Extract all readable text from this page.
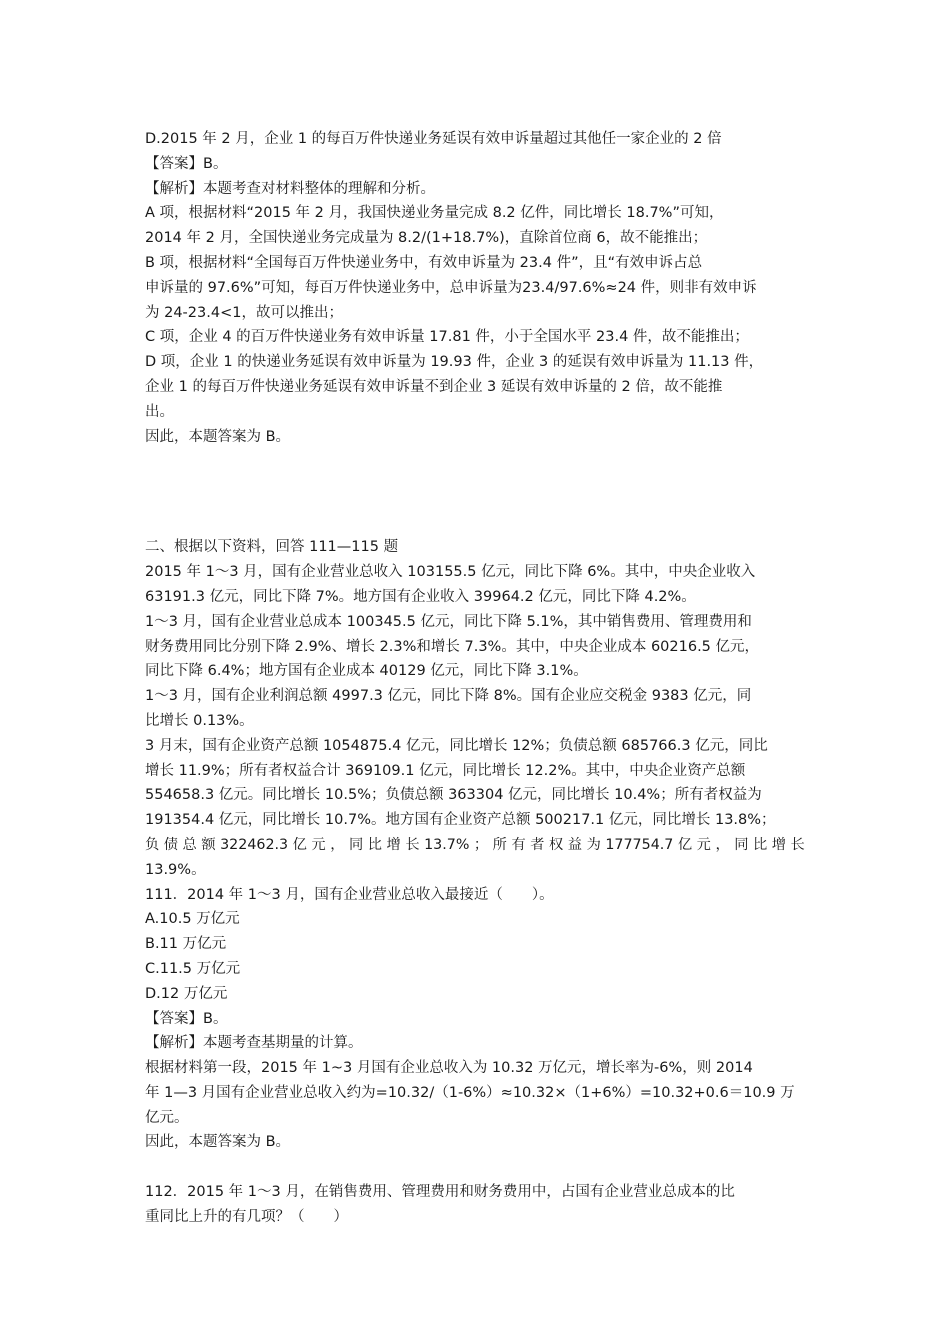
D.2015 年 2 月，企业 1 的每百万件快递业务延误有效申诉量超过其他任一家企业的 2 倍
【答案】B。
【解析】本题考查对材料整体的理解和分析。
A 项，根据材料“2015 年 2 月，我国快递业务量完成 8.2 亿件，同比增长 18.7%”可知，
2014 年 2 月，全国快递业务完成量为 8.2/(1+18.7%)，直除首位商 6，故不能推出；
B 项，根据材料“全国每百万件快递业务中，有效申诉量为 23.4 件”，且“有效申诉占总
申诉量的 97.6%”可知，每百万件快递业务中，总申诉量为23.4/97.6%≈24 件，则非有效申诉
为 24-23.4<1，故可以推出；
C 项，企业 4 的百万件快递业务有效申诉量 17.81 件，小于全国水平 23.4 件，故不能推出；
D 项，企业 1 的快递业务延误有效申诉量为 19.93 件，企业 3 的延误有效申诉量为 11.13 件，
企业 1 的每百万件快递业务延误有效申诉量不到企业 3 延误有效申诉量的 2 倍，故不能推
出。
因此，本题答案为 B。
二、根据以下资料，回答 111—115 题
2015 年 1～3 月，国有企业营业总收入 103155.5 亿元，同比下降 6%。其中，中央企业收入
63191.3 亿元，同比下降 7%。地方国有企业收入 39964.2 亿元，同比下降 4.2%。
1～3 月，国有企业营业总成本 100345.5 亿元，同比下降 5.1%，其中销售费用、管理费用和
财务费用同比分别下降 2.9%、增长 2.3%和增长 7.3%。其中，中央企业成本 60216.5 亿元，
同比下降 6.4%；地方国有企业成本 40129 亿元，同比下降 3.1%。
1～3 月，国有企业利润总额 4997.3 亿元，同比下降 8%。国有企业应交税金 9383 亿元，同
比增长 0.13%。
3 月末，国有企业资产总额 1054875.4 亿元，同比增长 12%；负债总额 685766.3 亿元，同比
增长 11.9%；所有者权益合计 369109.1 亿元，同比增长 12.2%。其中，中央企业资产总额
554658.3 亿元。同比增长 10.5%；负债总额 363304 亿元，同比增长 10.4%；所有者权益为
191354.4 亿元，同比增长 10.7%。地方国有企业资产总额 500217.1 亿元，同比增长 13.8%；
负 债 总 额 322462.3 亿 元 ， 同 比 增 长 13.7% ； 所 有 者 权 益 为 177754.7 亿 元 ， 同 比 增 长
13.9%。
111．2014 年 1～3 月，国有企业营业总收入最接近（　　）。
A.10.5 万亿元
B.11 万亿元
C.11.5 万亿元
D.12 万亿元
【答案】B。
【解析】本题考查基期量的计算。
根据材料第一段，2015 年 1~3 月国有企业总收入为 10.32 万亿元，增长率为-6%，则 2014
年 1—3 月国有企业营业总收入约为=10.32/（1-6%）≈10.32×（1+6%）=10.32+0.6＝10.9 万
亿元。
因此，本题答案为 B。
112．2015 年 1～3 月，在销售费用、管理费用和财务费用中，占国有企业营业总成本的比
重同比上升的有几项？（　　）
